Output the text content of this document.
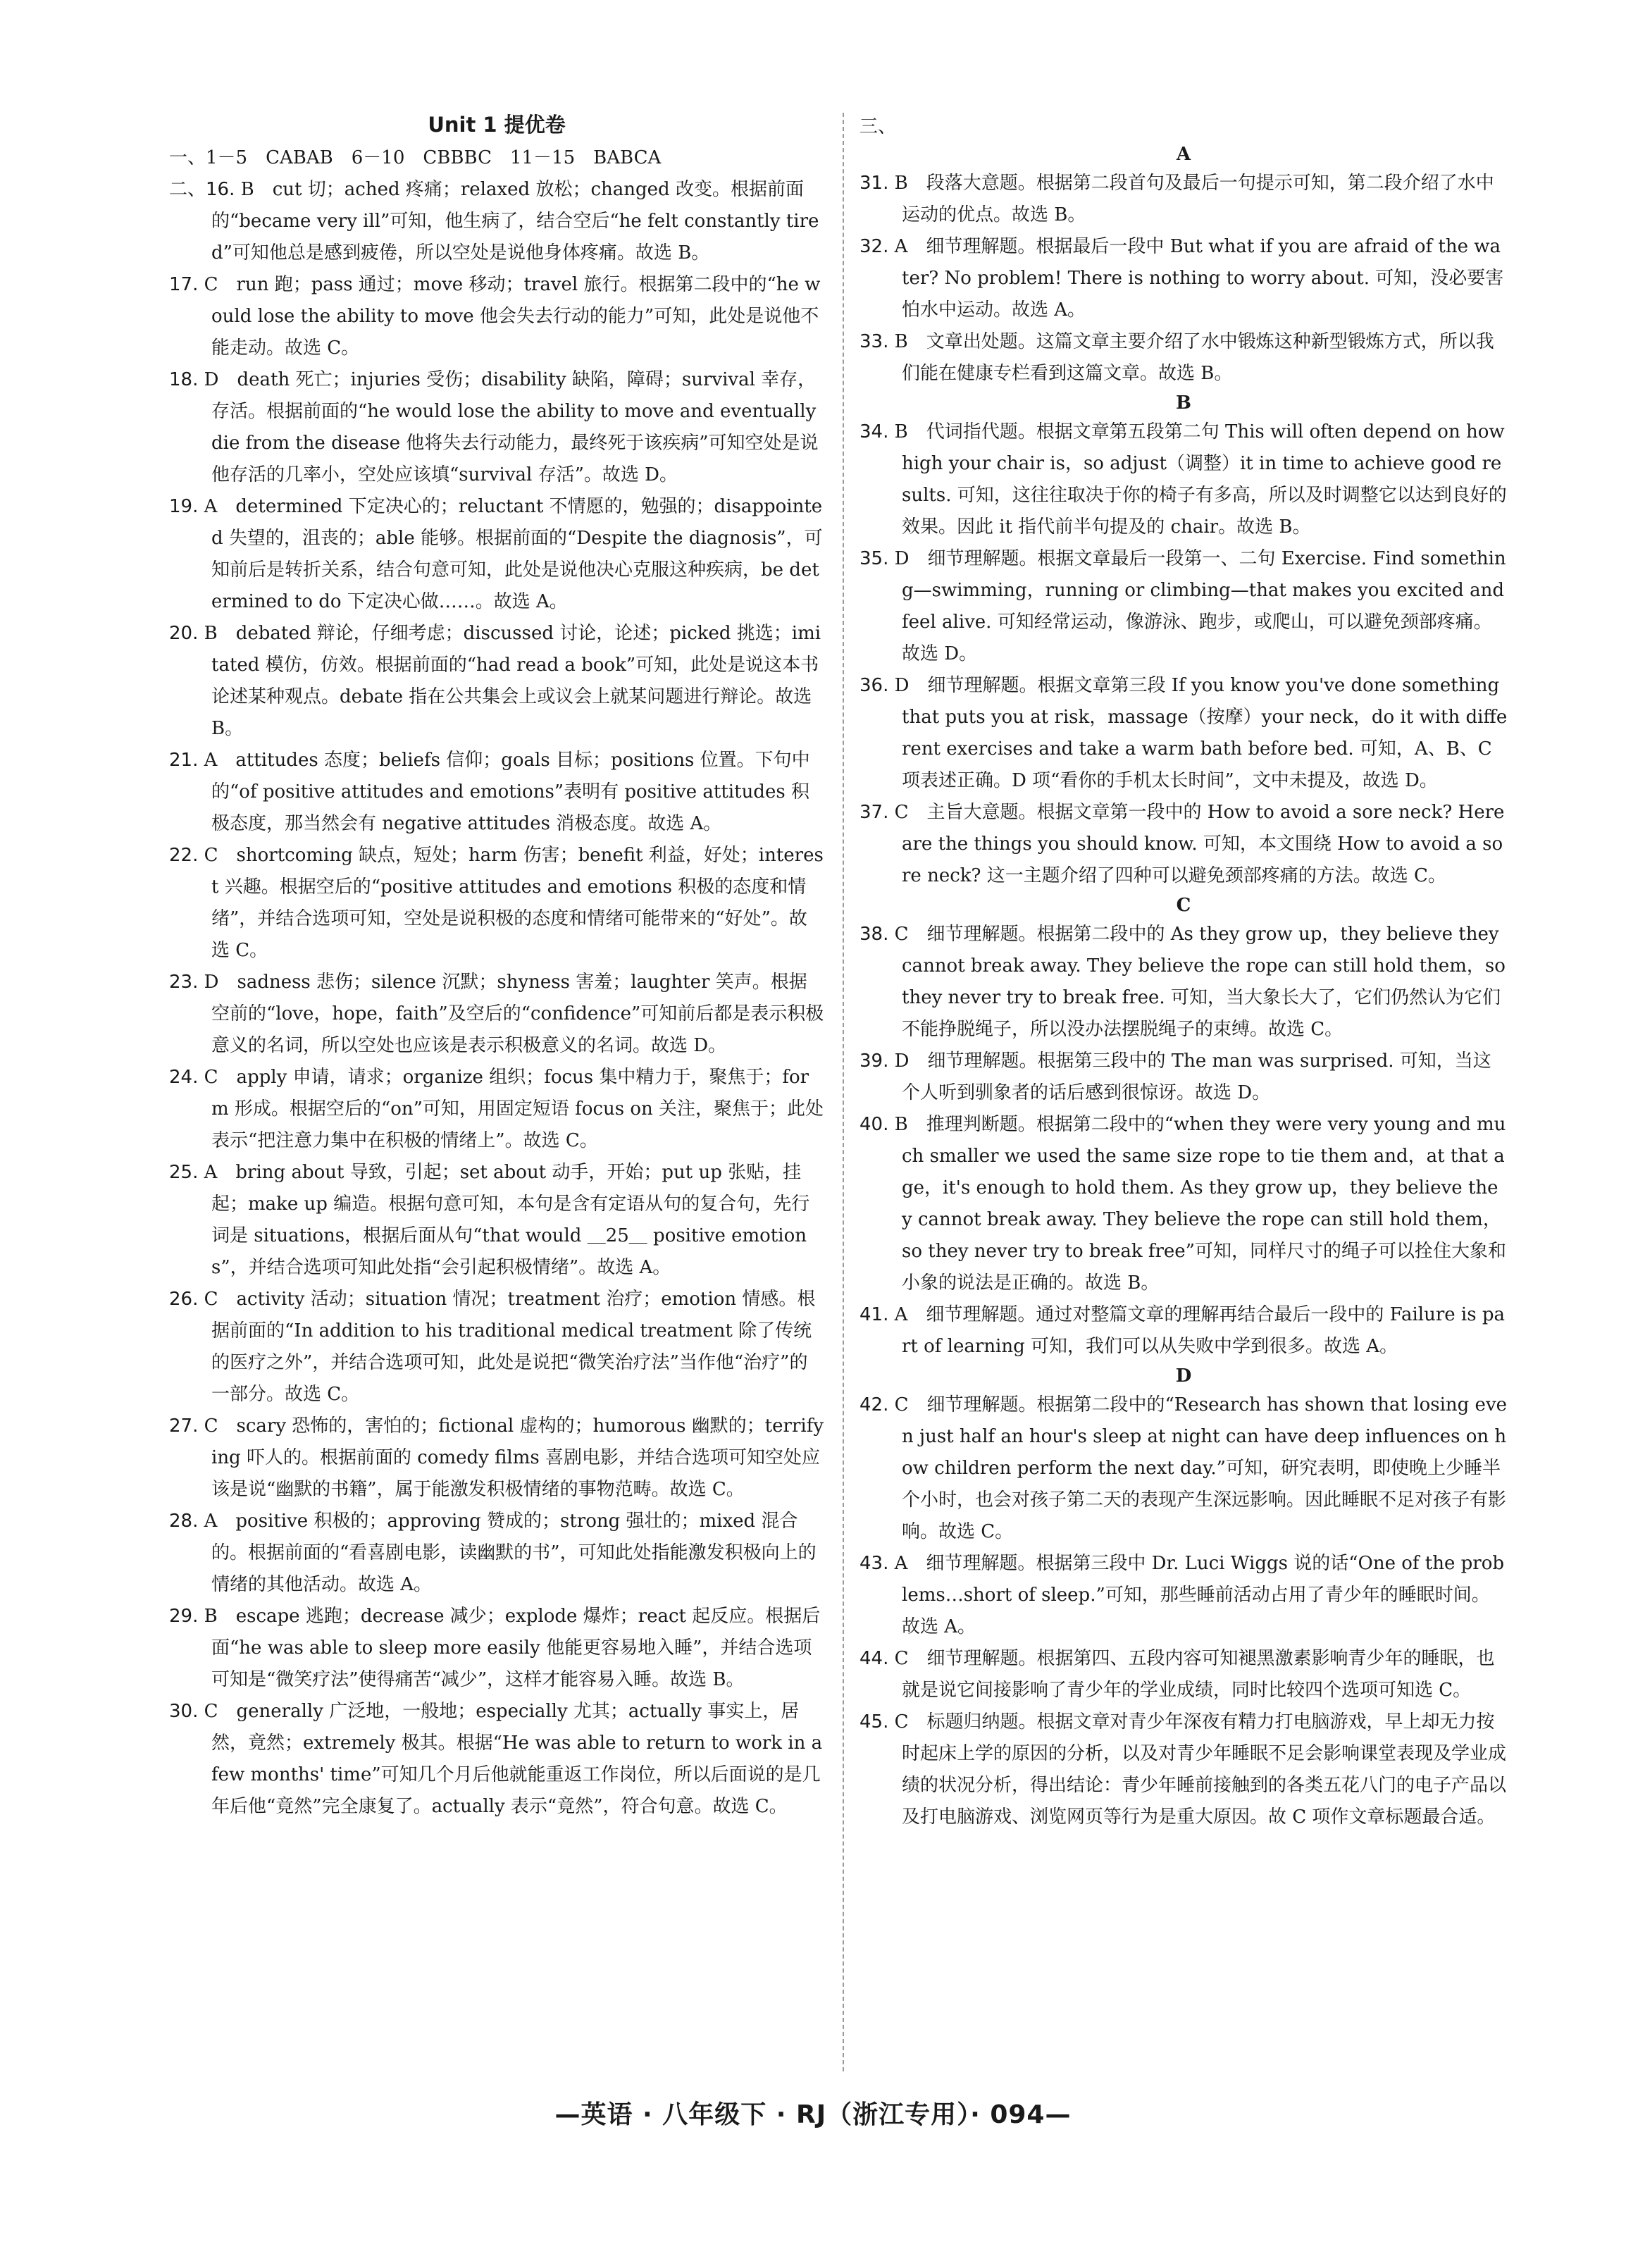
Unit 1 提优卷
一、1－5　CABAB　6－10　CBBBC　11－15　BABCA
二、16. B　cut 切；ached 疼痛；relaxed 放松；changed 改变。根据前面的“became very ill”可知，他生病了，结合空后“he felt constantly tired”可知他总是感到疲倦，所以空处是说他身体疼痛。故选 B。
17. C　run 跑；pass 通过；move 移动；travel 旅行。根据第二段中的“he would lose the ability to move 他会失去行动的能力”可知，此处是说他不能走动。故选 C。
18. D　death 死亡；injuries 受伤；disability 缺陷，障碍；survival 幸存，存活。根据前面的“he would lose the ability to move and eventually die from the disease 他将失去行动能力，最终死于该疾病”可知空处是说他存活的几率小，空处应该填“survival 存活”。故选 D。
19. A　determined 下定决心的；reluctant 不情愿的，勉强的；disappointed 失望的，沮丧的；able 能够。根据前面的“Despite the diagnosis”，可知前后是转折关系，结合句意可知，此处是说他决心克服这种疾病，be determined to do 下定决心做……。故选 A。
20. B　debated 辩论，仔细考虑；discussed 讨论，论述；picked 挑选；imitated 模仿，仿效。根据前面的“had read a book”可知，此处是说这本书论述某种观点。debate 指在公共集会上或议会上就某问题进行辩论。故选 B。
21. A　attitudes 态度；beliefs 信仰；goals 目标；positions 位置。下句中的“of positive attitudes and emotions”表明有 positive attitudes 积极态度，那当然会有 negative attitudes 消极态度。故选 A。
22. C　shortcoming 缺点，短处；harm 伤害；benefit 利益，好处；interest 兴趣。根据空后的“positive attitudes and emotions 积极的态度和情绪”，并结合选项可知，空处是说积极的态度和情绪可能带来的“好处”。故选 C。
23. D　sadness 悲伤；silence 沉默；shyness 害羞；laughter 笑声。根据空前的“love，hope，faith”及空后的“confidence”可知前后都是表示积极意义的名词，所以空处也应该是表示积极意义的名词。故选 D。
24. C　apply 申请，请求；organize 组织；focus 集中精力于，聚焦于；form 形成。根据空后的“on”可知，用固定短语 focus on 关注，聚焦于；此处表示“把注意力集中在积极的情绪上”。故选 C。
25. A　bring about 导致，引起；set about 动手，开始；put up 张贴，挂起；make up 编造。根据句意可知，本句是含有定语从句的复合句，先行词是 situations，根据后面从句“that would ＿25＿ positive emotions”，并结合选项可知此处指“会引起积极情绪”。故选 A。
26. C　activity 活动；situation 情况；treatment 治疗；emotion 情感。根据前面的“In addition to his traditional medical treatment 除了传统的医疗之外”，并结合选项可知，此处是说把“微笑治疗法”当作他“治疗”的一部分。故选 C。
27. C　scary 恐怖的，害怕的；fictional 虚构的；humorous 幽默的；terrifying 吓人的。根据前面的 comedy films 喜剧电影，并结合选项可知空处应该是说“幽默的书籍”，属于能激发积极情绪的事物范畴。故选 C。
28. A　positive 积极的；approving 赞成的；strong 强壮的；mixed 混合的。根据前面的“看喜剧电影，读幽默的书”，可知此处指能激发积极向上的情绪的其他活动。故选 A。
29. B　escape 逃跑；decrease 减少；explode 爆炸；react 起反应。根据后面“he was able to sleep more easily 他能更容易地入睡”，并结合选项可知是“微笑疗法”使得痛苦“减少”，这样才能容易入睡。故选 B。
30. C　generally 广泛地，一般地；especially 尤其；actually 事实上，居然，竟然；extremely 极其。根据“He was able to return to work in a few months' time”可知几个月后他就能重返工作岗位，所以后面说的是几年后他“竟然”完全康复了。actually 表示“竟然”，符合句意。故选 C。
三、
A
31. B　段落大意题。根据第二段首句及最后一句提示可知，第二段介绍了水中运动的优点。故选 B。
32. A　细节理解题。根据最后一段中 But what if you are afraid of the water? No problem! There is nothing to worry about. 可知，没必要害怕水中运动。故选 A。
33. B　文章出处题。这篇文章主要介绍了水中锻炼这种新型锻炼方式，所以我们能在健康专栏看到这篇文章。故选 B。
B
34. B　代词指代题。根据文章第五段第二句 This will often depend on how high your chair is，so adjust（调整）it in time to achieve good results. 可知，这往往取决于你的椅子有多高，所以及时调整它以达到良好的效果。因此 it 指代前半句提及的 chair。故选 B。
35. D　细节理解题。根据文章最后一段第一、二句 Exercise. Find something—swimming，running or climbing—that makes you excited and feel alive. 可知经常运动，像游泳、跑步，或爬山，可以避免颈部疼痛。故选 D。
36. D　细节理解题。根据文章第三段 If you know you've done something that puts you at risk，massage（按摩）your neck，do it with different exercises and take a warm bath before bed. 可知，A、B、C 项表述正确。D 项“看你的手机太长时间”，文中未提及，故选 D。
37. C　主旨大意题。根据文章第一段中的 How to avoid a sore neck? Here are the things you should know. 可知，本文围绕 How to avoid a sore neck? 这一主题介绍了四种可以避免颈部疼痛的方法。故选 C。
C
38. C　细节理解题。根据第二段中的 As they grow up，they believe they cannot break away. They believe the rope can still hold them，so they never try to break free. 可知，当大象长大了，它们仍然认为它们不能挣脱绳子，所以没办法摆脱绳子的束缚。故选 C。
39. D　细节理解题。根据第三段中的 The man was surprised. 可知，当这个人听到驯象者的话后感到很惊讶。故选 D。
40. B　推理判断题。根据第二段中的“when they were very young and much smaller we used the same size rope to tie them and，at that age，it's enough to hold them. As they grow up，they believe they cannot break away. They believe the rope can still hold them，so they never try to break free”可知，同样尺寸的绳子可以拴住大象和小象的说法是正确的。故选 B。
41. A　细节理解题。通过对整篇文章的理解再结合最后一段中的 Failure is part of learning 可知，我们可以从失败中学到很多。故选 A。
D
42. C　细节理解题。根据第二段中的“Research has shown that losing even just half an hour's sleep at night can have deep influences on how children perform the next day.”可知，研究表明，即使晚上少睡半个小时，也会对孩子第二天的表现产生深远影响。因此睡眠不足对孩子有影响。故选 C。
43. A　细节理解题。根据第三段中 Dr. Luci Wiggs 说的话“One of the problems…short of sleep.”可知，那些睡前活动占用了青少年的睡眠时间。故选 A。
44. C　细节理解题。根据第四、五段内容可知褪黑激素影响青少年的睡眠，也就是说它间接影响了青少年的学业成绩，同时比较四个选项可知选 C。
45. C　标题归纳题。根据文章对青少年深夜有精力打电脑游戏，早上却无力按时起床上学的原因的分析，以及对青少年睡眠不足会影响课堂表现及学业成绩的状况分析，得出结论：青少年睡前接触到的各类五花八门的电子产品以及打电脑游戏、浏览网页等行为是重大原因。故 C 项作文章标题最合适。
—英语 · 八年级下 · RJ（浙江专用）· 094—
